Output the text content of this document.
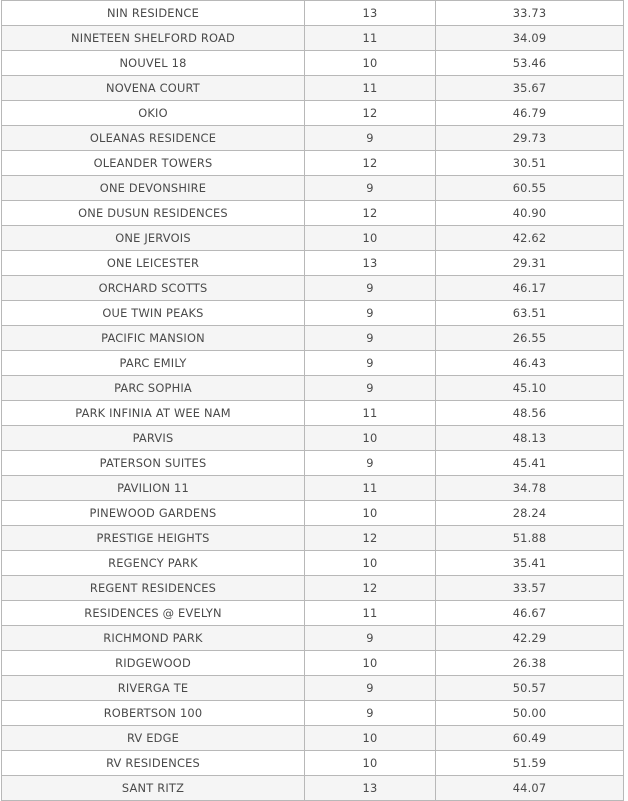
NIN RESIDENCE	13	33.73
NINETEEN SHELFORD ROAD	11	34.09
NOUVEL 18	10	53.46
NOVENA COURT	11	35.67
OKIO	12	46.79
OLEANAS RESIDENCE	9	29.73
OLEANDER TOWERS	12	30.51
ONE DEVONSHIRE	9	60.55
ONE DUSUN RESIDENCES	12	40.90
ONE JERVOIS	10	42.62
ONE LEICESTER	13	29.31
ORCHARD SCOTTS	9	46.17
OUE TWIN PEAKS	9	63.51
PACIFIC MANSION	9	26.55
PARC EMILY	9	46.43
PARC SOPHIA	9	45.10
PARK INFINIA AT WEE NAM	11	48.56
PARVIS	10	48.13
PATERSON SUITES	9	45.41
PAVILION 11	11	34.78
PINEWOOD GARDENS	10	28.24
PRESTIGE HEIGHTS	12	51.88
REGENCY PARK	10	35.41
REGENT RESIDENCES	12	33.57
RESIDENCES @ EVELYN	11	46.67
RICHMOND PARK	9	42.29
RIDGEWOOD	10	26.38
RIVERGA TE	9	50.57
ROBERTSON 100	9	50.00
RV EDGE	10	60.49
RV RESIDENCES	10	51.59
SANT RITZ	13	44.07
